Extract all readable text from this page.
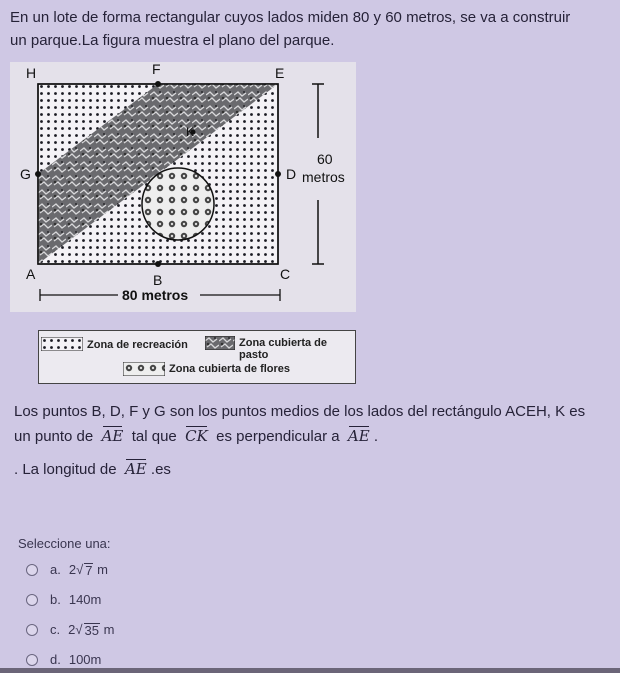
En un lote de forma rectangular cuyos lados miden 80 y 60 metros, se va a construir
un parque.La figura muestra el plano del parque.
H	F	E
G	D
A	B	C
K
60
metros
80 metros
Zona de recreación	Zona cubierta de pasto
Zona cubierta de flores
Los puntos B, D, F y G son los puntos medios de los lados del rectángulo ACEH, K es
un punto de AE tal que CK es perpendicular a AE .
. La longitud de AE .es
Seleccione una:
a. 2 √ 7
m
b. 140m
c. 2 √ 35
m
d. 100m
